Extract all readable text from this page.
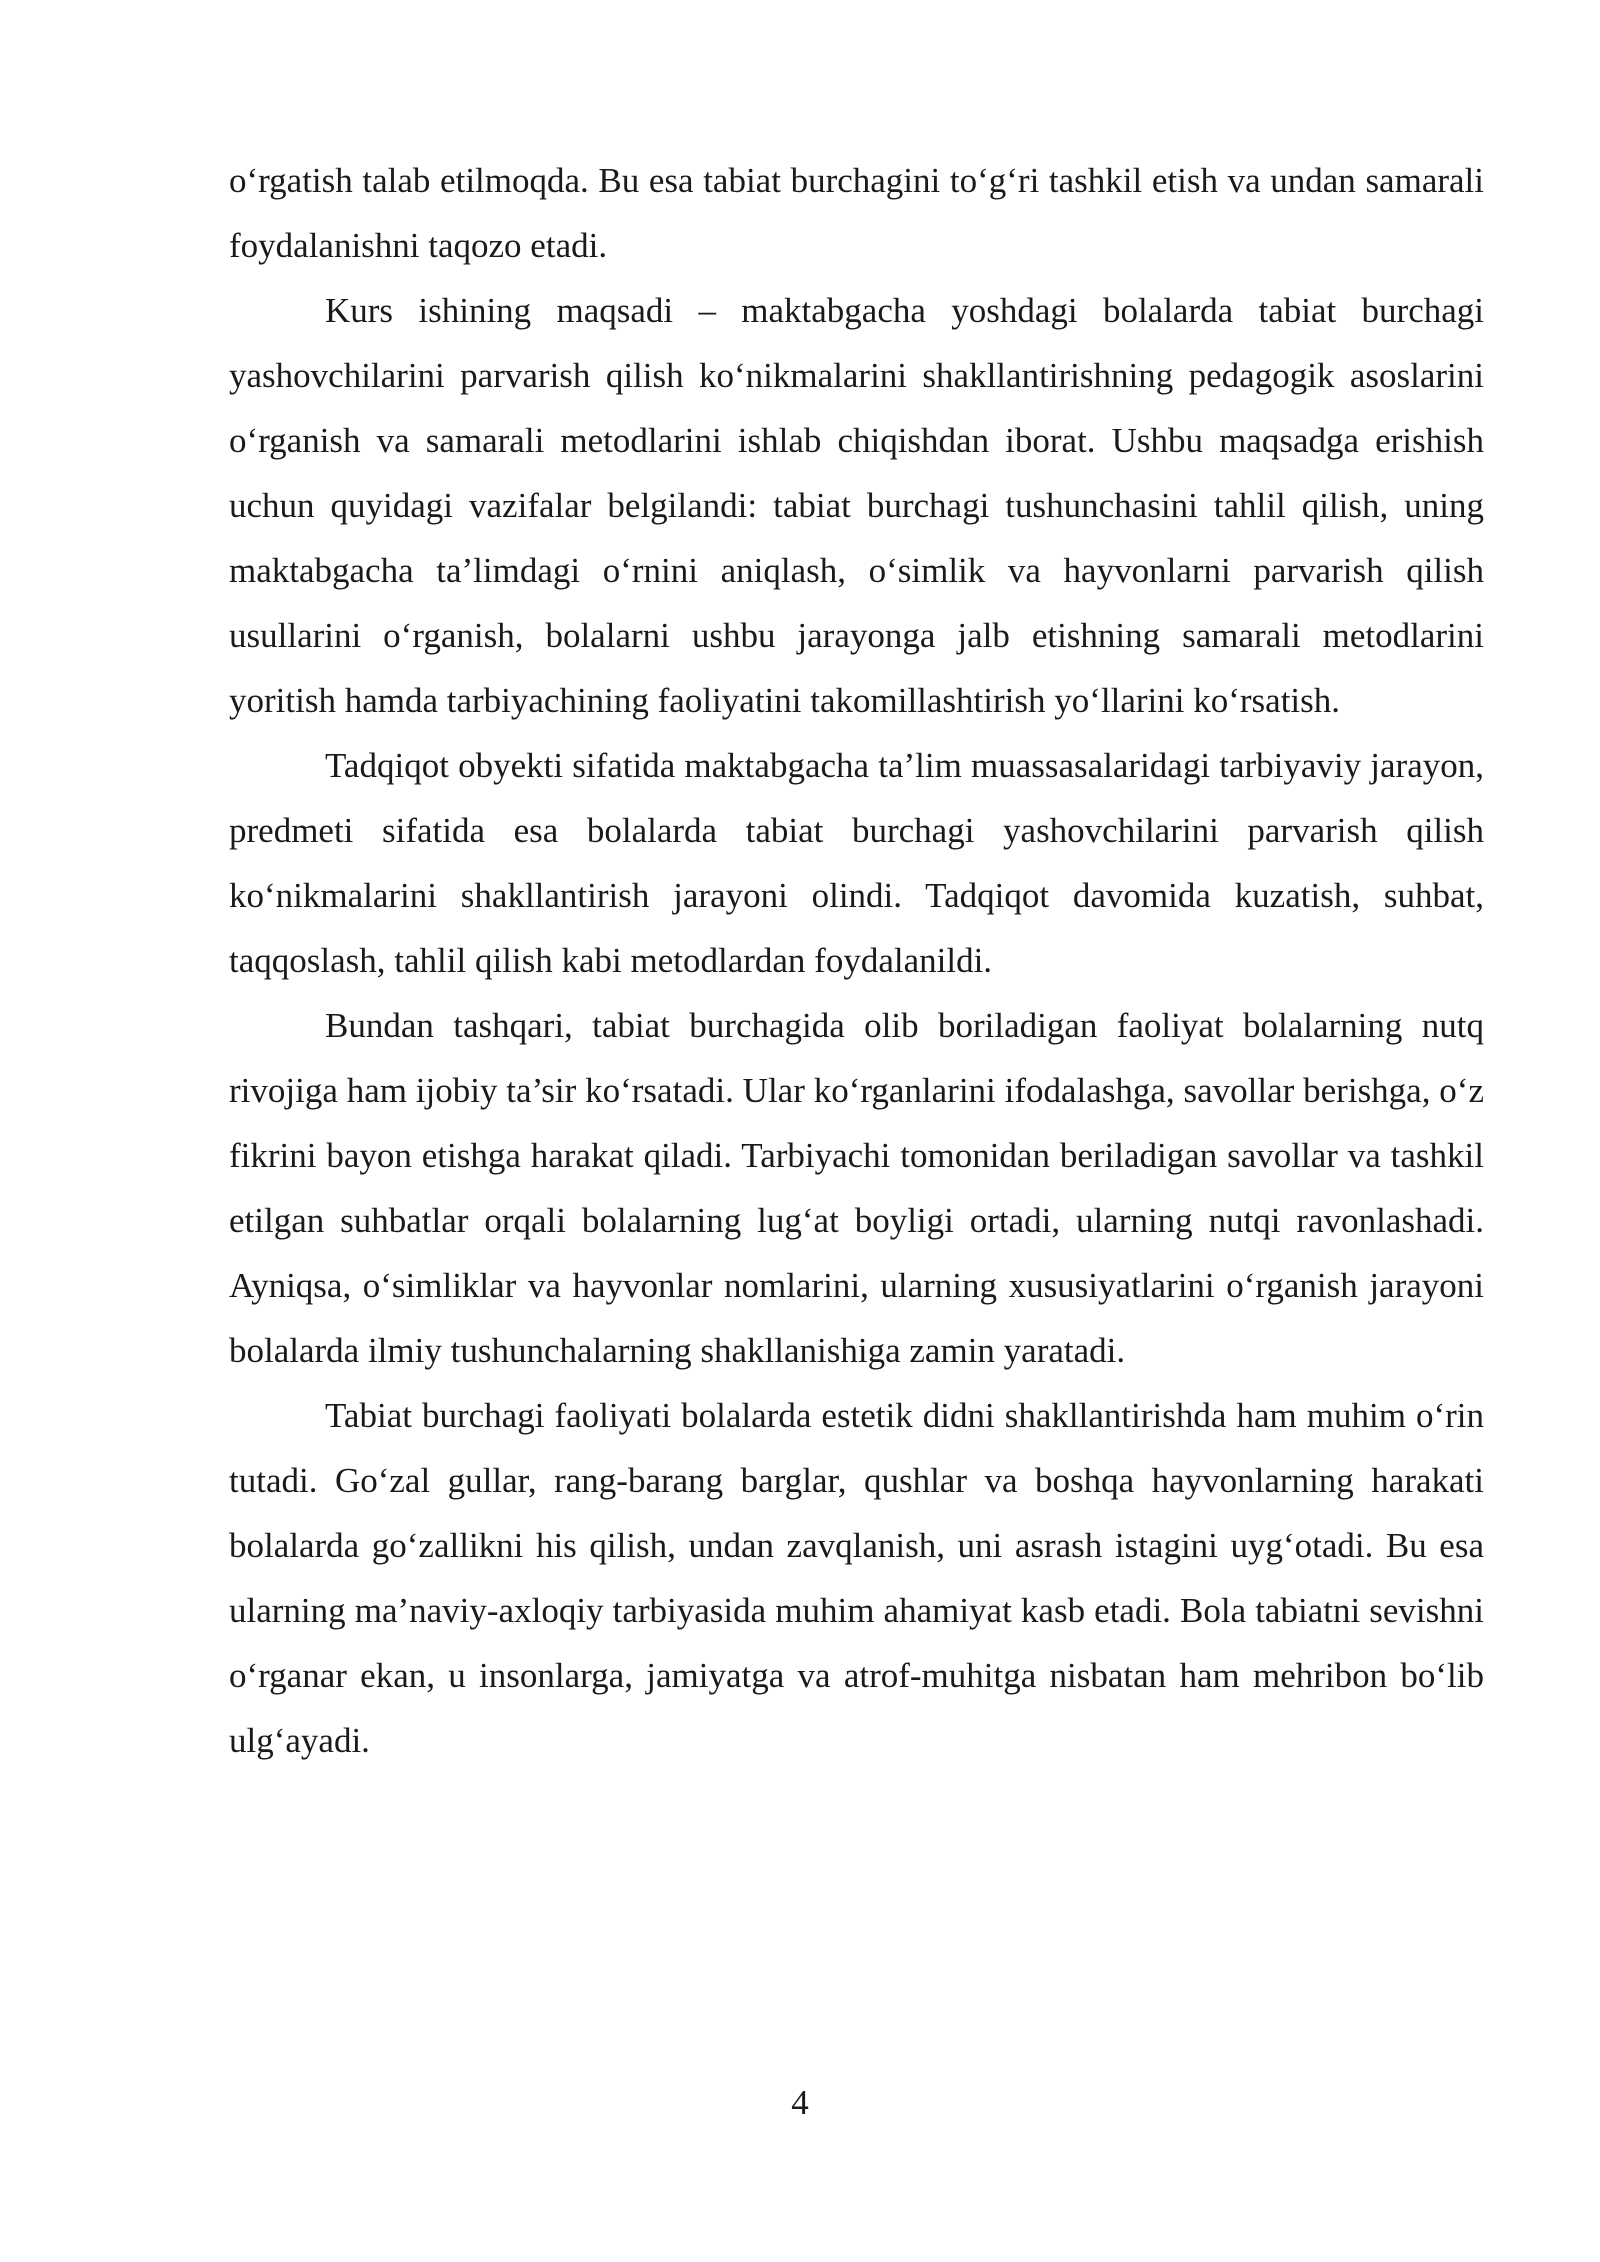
o‘rgatish talab etilmoqda. Bu esa tabiat burchagini to‘g‘ri tashkil etish va undan samarali foydalanishni taqozo etadi.

Kurs ishining maqsadi – maktabgacha yoshdagi bolalarda tabiat burchagi yashovchilarini parvarish qilish ko‘nikmalarini shakllantirishning pedagogik asoslarini o‘rganish va samarali metodlarini ishlab chiqishdan iborat. Ushbu maqsadga erishish uchun quyidagi vazifalar belgilandi: tabiat burchagi tushunchasini tahlil qilish, uning maktabgacha ta’limdagi o‘rnini aniqlash, o‘simlik va hayvonlarni parvarish qilish usullarini o‘rganish, bolalarni ushbu jarayonga jalb etishning samarali metodlarini yoritish hamda tarbiyachining faoliyatini takomillashtirish yo‘llarini ko‘rsatish.

Tadqiqot obyekti sifatida maktabgacha ta’lim muassasalaridagi tarbiyaviy jarayon, predmeti sifatida esa bolalarda tabiat burchagi yashovchilarini parvarish qilish ko‘nikmalarini shakllantirish jarayoni olindi. Tadqiqot davomida kuzatish, suhbat, taqqoslash, tahlil qilish kabi metodlardan foydalanildi.

Bundan tashqari, tabiat burchagida olib boriladigan faoliyat bolalarning nutq rivojiga ham ijobiy ta’sir ko‘rsatadi. Ular ko‘rganlarini ifodalashga, savollar berishga, o‘z fikrini bayon etishga harakat qiladi. Tarbiyachi tomonidan beriladigan savollar va tashkil etilgan suhbatlar orqali bolalarning lug‘at boyligi ortadi, ularning nutqi ravonlashadi. Ayniqsa, o‘simliklar va hayvonlar nomlarini, ularning xususiyatlarini o‘rganish jarayoni bolalarda ilmiy tushunchalarning shakllanishiga zamin yaratadi.

Tabiat burchagi faoliyati bolalarda estetik didni shakllantirishda ham muhim o‘rin tutadi. Go‘zal gullar, rang-barang barglar, qushlar va boshqa hayvonlarning harakati bolalarda go‘zallikni his qilish, undan zavqlanish, uni asrash istagini uyg‘otadi. Bu esa ularning ma’naviy-axloqiy tarbiyasida muhim ahamiyat kasb etadi. Bola tabiatni sevishni o‘rganar ekan, u insonlarga, jamiyatga va atrof-muhitga nisbatan ham mehribon bo‘lib ulg‘ayadi.

4
